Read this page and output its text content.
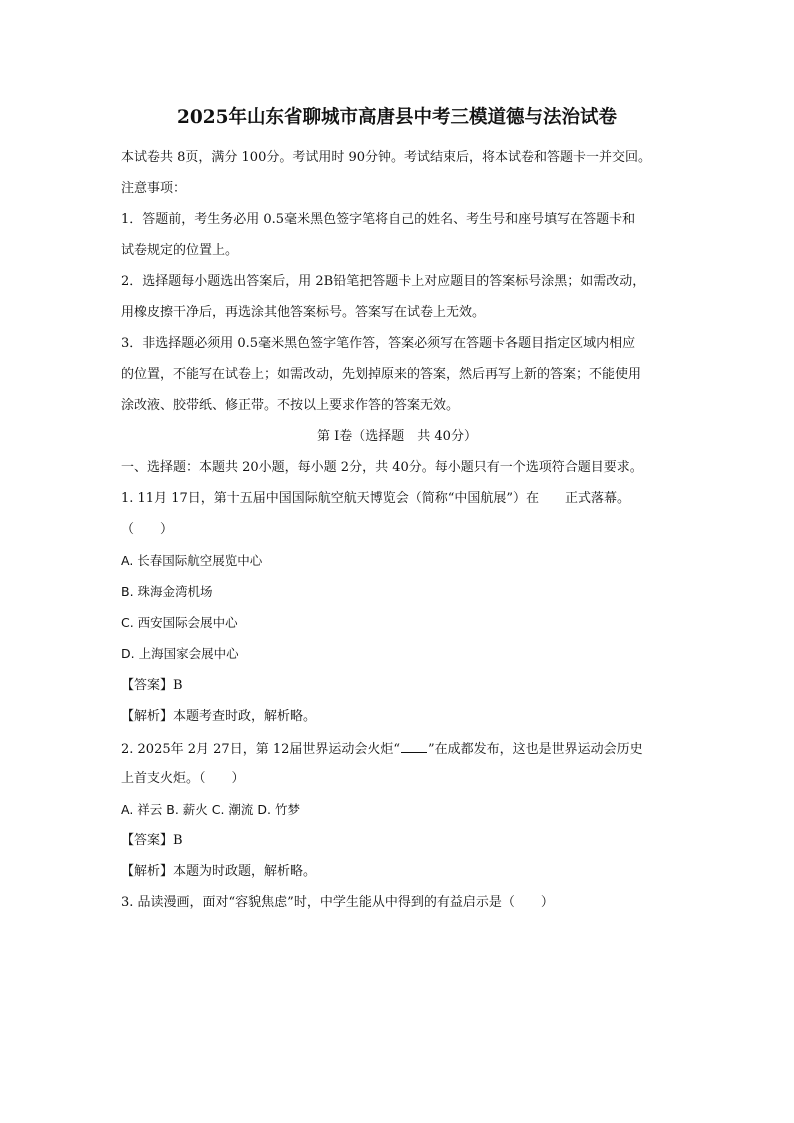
2025年山东省聊城市高唐县中考三模道德与法治试卷
本试卷共 8页，满分 100分。考试用时 90分钟。考试结束后，将本试卷和答题卡一并交回。
注意事项：
1．答题前，考生务必用 0.5毫米黑色签字笔将自己的姓名、考生号和座号填写在答题卡和
试卷规定的位置上。
2．选择题每小题选出答案后，用 2B铅笔把答题卡上对应题目的答案标号涂黑；如需改动，
用橡皮擦干净后，再选涂其他答案标号。答案写在试卷上无效。
3．非选择题必须用 0.5毫米黑色签字笔作答，答案必须写在答题卡各题目指定区域内相应
的位置，不能写在试卷上；如需改动，先划掉原来的答案，然后再写上新的答案；不能使用
涂改液、胶带纸、修正带。不按以上要求作答的答案无效。
第 I卷（选择题　共 40分）
一、选择题：本题共 20小题，每小题 2分，共 40分。每小题只有一个选项符合题目要求。
1. 11月 17日，第十五届中国国际航空航天博览会（简称“中国航展”）在　　正式落幕。
（　　）
A. 长春国际航空展览中心
B. 珠海金湾机场
C. 西安国际会展中心
D. 上海国家会展中心
【答案】B
【解析】本题考查时政，解析略。
2. 2025年 2月 27日，第 12届世界运动会火炬“ ”在成都发布，这也是世界运动会历史
上首支火炬。（　　）
A. 祥云 B. 薪火 C. 潮流 D. 竹梦
【答案】B
【解析】本题为时政题，解析略。
3. 品读漫画，面对“容貌焦虑”时，中学生能从中得到的有益启示是（　　）
